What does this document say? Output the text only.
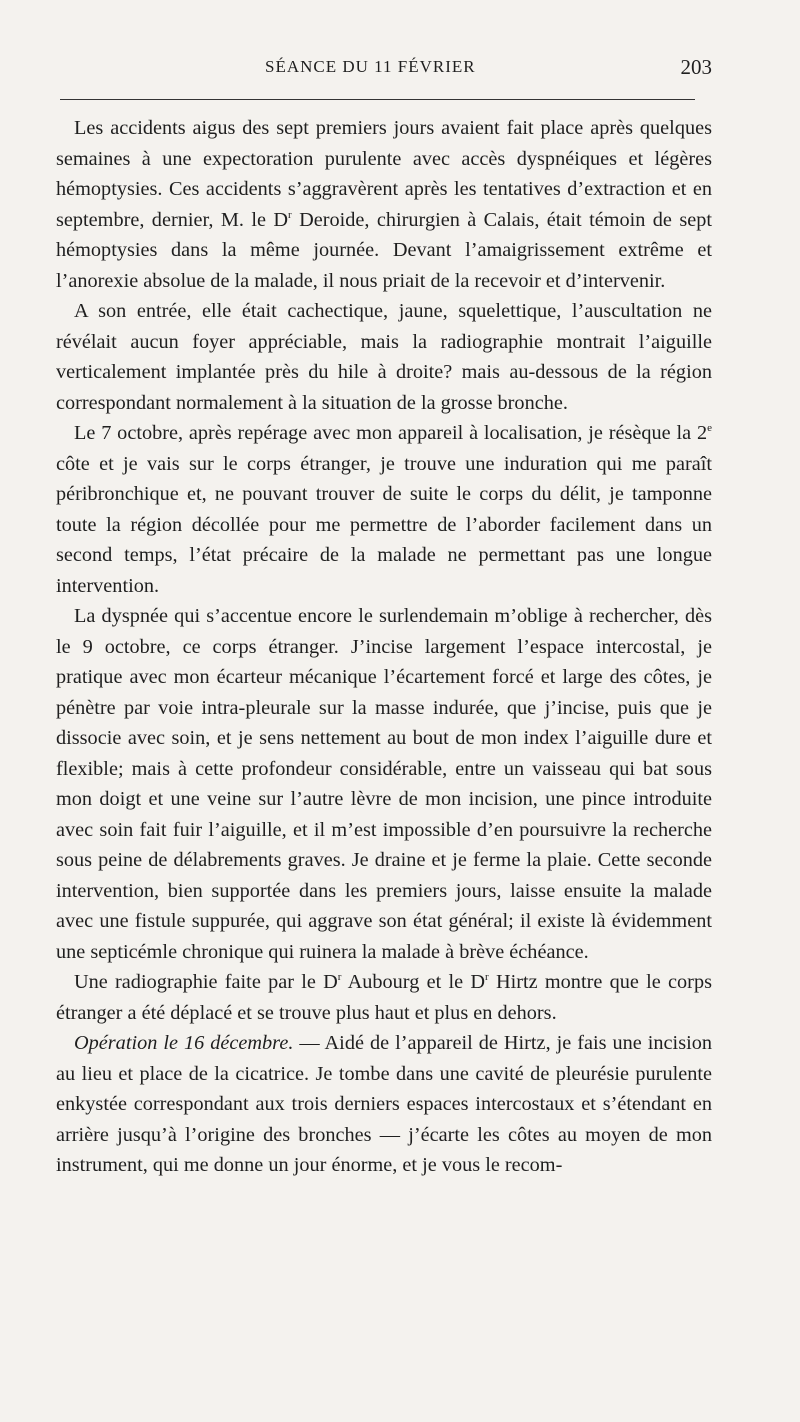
SÉANCE DU 11 FÉVRIER	203

Les accidents aigus des sept premiers jours avaient fait place après quelques semaines à une expectoration purulente avec accès dyspnéiques et légères hémoptysies. Ces accidents s’aggravèrent après les tentatives d’extraction et en septembre, dernier, M. le $D^r$ Deroide, chirurgien à Calais, était témoin de sept hémoptysies dans la même journée. Devant l’amaigrissement extrême et l’anorexie absolue de la malade, il nous priait de la recevoir et d’intervenir.

A son entrée, elle était cachectique, jaune, squelettique, l’auscultation ne révélait aucun foyer appréciable, mais la radiographie montrait l’aiguille verticalement implantée près du hile à droite? mais au-dessous de la région correspondant normalement à la situation de la grosse bronche.

Le 7 octobre, après repérage avec mon appareil à localisation, je résèque la 2e côte et je vais sur le corps étranger, je trouve une induration qui me paraît péribronchique et, ne pouvant trouver de suite le corps du délit, je tamponne toute la région décollée pour me permettre de l’aborder facilement dans un second temps, l’état précaire de la malade ne permettant pas une longue intervention.

La dyspnée qui s’accentue encore le surlendemain m’oblige à rechercher, dès le 9 octobre, ce corps étranger. J’incise largement l’espace intercostal, je pratique avec mon écarteur mécanique l’écartement forcé et large des côtes, je pénètre par voie intra-pleurale sur la masse indurée, que j’incise, puis que je dissocie avec soin, et je sens nettement au bout de mon index l’aiguille dure et flexible; mais à cette profondeur considérable, entre un vaisseau qui bat sous mon doigt et une veine sur l’autre lèvre de mon incision, une pince introduite avec soin fait fuir l’aiguille, et il m’est impossible d’en poursuivre la recherche sous peine de délabrements graves. Je draine et je ferme la plaie. Cette seconde intervention, bien supportée dans les premiers jours, laisse ensuite la malade avec une fistule suppurée, qui aggrave son état général; il existe là évidemment une septicémle chronique qui ruinera la malade à brève échéance.

Une radiographie faite par le $D^r$ Aubourg et le $D^r$ Hirtz montre que le corps étranger a été déplacé et se trouve plus haut et plus en dehors.

Opération le 16 décembre. — Aidé de l’appareil de Hirtz, je fais une incision au lieu et place de la cicatrice. Je tombe dans une cavité de pleurésie purulente enkystée correspondant aux trois derniers espaces intercostaux et s’étendant en arrière jusqu’à l’origine des bronches — j’écarte les côtes au moyen de mon instrument, qui me donne un jour énorme, et je vous le recom-
